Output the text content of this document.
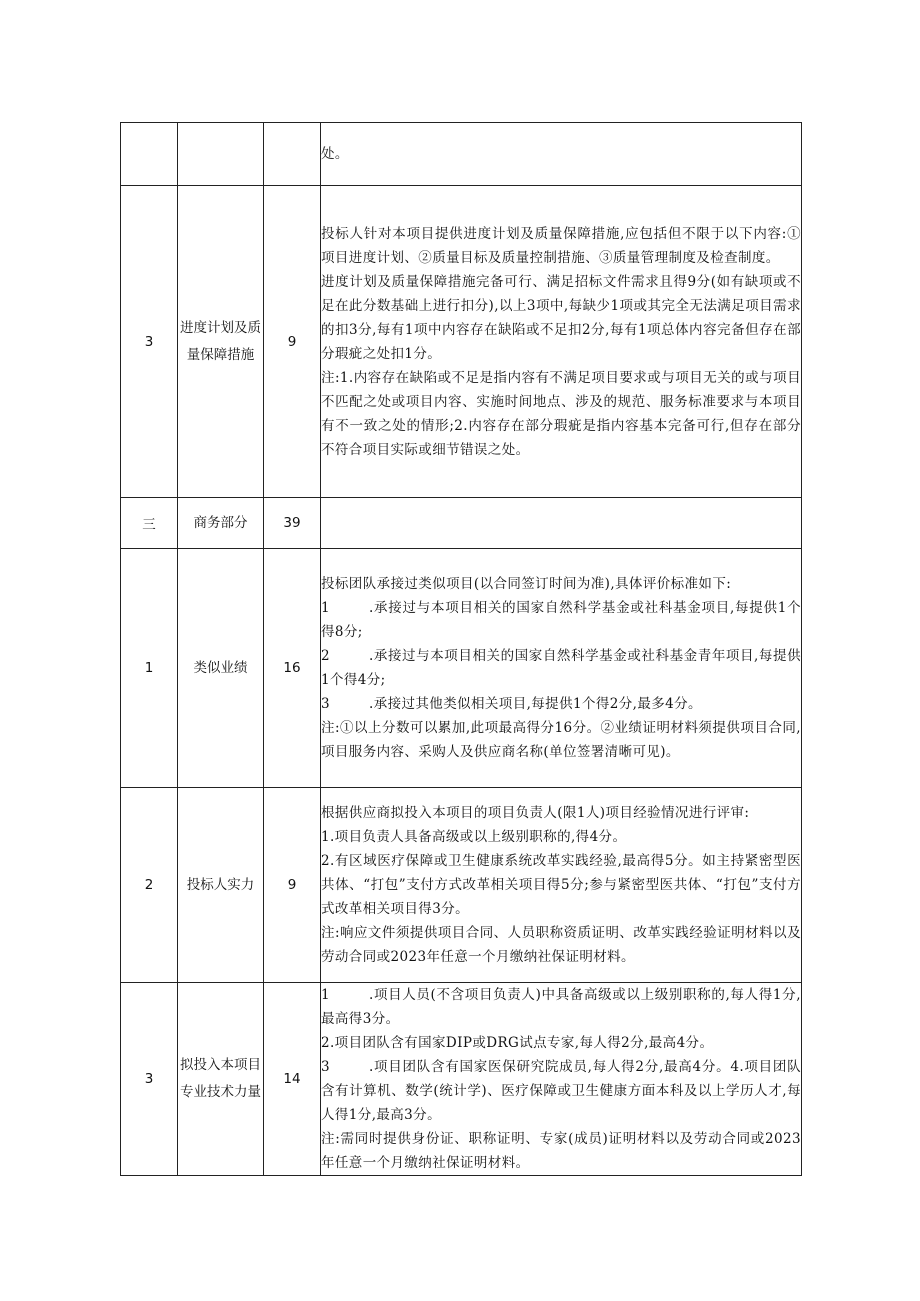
			处。

3	进度计划及质量保障措施	9	投标人针对本项目提供进度计划及质量保障措施,应包括但不限于以下内容:①项目进度计划、②质量目标及质量控制措施、③质量管理制度及检查制度。

进度计划及质量保障措施完备可行、满足招标文件需求且得9分(如有缺项或不足在此分数基础上进行扣分),以上3项中,每缺少1项或其完全无法满足项目需求的扣3分,每有1项中内容存在缺陷或不足扣2分,每有1项总体内容完备但存在部分瑕疵之处扣1分。

注:1.内容存在缺陷或不足是指内容有不满足项目要求或与项目无关的或与项目不匹配之处或项目内容、实施时间地点、涉及的规范、服务标准要求与本项目有不一致之处的情形;2.内容存在部分瑕疵是指内容基本完备可行,但存在部分不符合项目实际或细节错误之处。

三	商务部分	39	
1	类似业绩	16	投标团队承接过类似项目(以合同签订时间为准),具体评价标准如下:

1 .承接过与本项目相关的国家自然科学基金或社科基金项目,每提供1个得8分;

2 .承接过与本项目相关的国家自然科学基金或社科基金青年项目,每提供1个得4分;

3 .承接过其他类似相关项目,每提供1个得2分,最多4分。

注:①以上分数可以累加,此项最高得分16分。②业绩证明材料须提供项目合同,项目服务内容、采购人及供应商名称(单位签署清晰可见)。

2	投标人实力	9	根据供应商拟投入本项目的项目负责人(限1人)项目经验情况进行评审:

1.项目负责人具备高级或以上级别职称的,得4分。

2.有区域医疗保障或卫生健康系统改革实践经验,最高得5分。如主持紧密型医共体、“打包”支付方式改革相关项目得5分;参与紧密型医共体、“打包”支付方式改革相关项目得3分。

注:响应文件须提供项目合同、人员职称资质证明、改革实践经验证明材料以及劳动合同或2023年任意一个月缴纳社保证明材料。

3	拟投入本项目专业技术力量	14	1 .项目人员(不含项目负责人)中具备高级或以上级别职称的,每人得1分,最高得3分。

2.项目团队含有国家DIP或DRG试点专家,每人得2分,最高4分。

3 .项目团队含有国家医保研究院成员,每人得2分,最高4分。4.项目团队含有计算机、数学(统计学)、医疗保障或卫生健康方面本科及以上学历人才,每人得1分,最高3分。

注:需同时提供身份证、职称证明、专家(成员)证明材料以及劳动合同或2023年任意一个月缴纳社保证明材料。
